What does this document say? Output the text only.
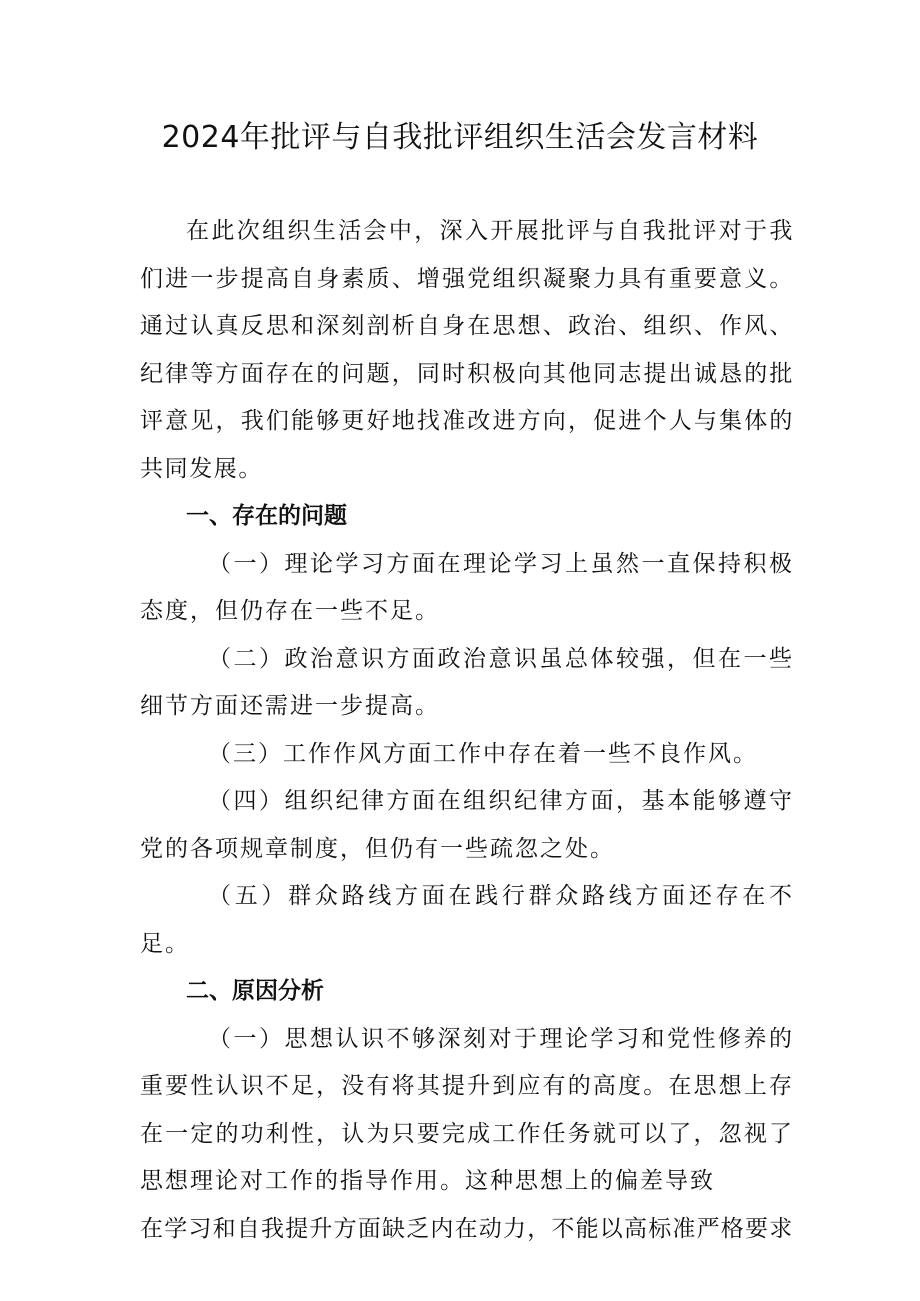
2024年批评与自我批评组织生活会发言材料

在此次组织生活会中，深入开展批评与自我批评对于我们进一步提高自身素质、增强党组织凝聚力具有重要意义。通过认真反思和深刻剖析自身在思想、政治、组织、作风、纪律等方面存在的问题，同时积极向其他同志提出诚恳的批评意见，我们能够更好地找准改进方向，促进个人与集体的共同发展。

一、存在的问题

（一）理论学习方面在理论学习上虽然一直保持积极态度，但仍存在一些不足。

（二）政治意识方面政治意识虽总体较强，但在一些细节方面还需进一步提高。

（三）工作作风方面工作中存在着一些不良作风。

（四）组织纪律方面在组织纪律方面，基本能够遵守党的各项规章制度，但仍有一些疏忽之处。

（五）群众路线方面在践行群众路线方面还存在不足。

二、原因分析

（一）思想认识不够深刻对于理论学习和党性修养的重要性认识不足，没有将其提升到应有的高度。在思想上存在一定的功利性，认为只要完成工作任务就可以了，忽视了思想理论对工作的指导作用。这种思想上的偏差导致

在学习和自我提升方面缺乏内在动力，不能以高标准严格要求
